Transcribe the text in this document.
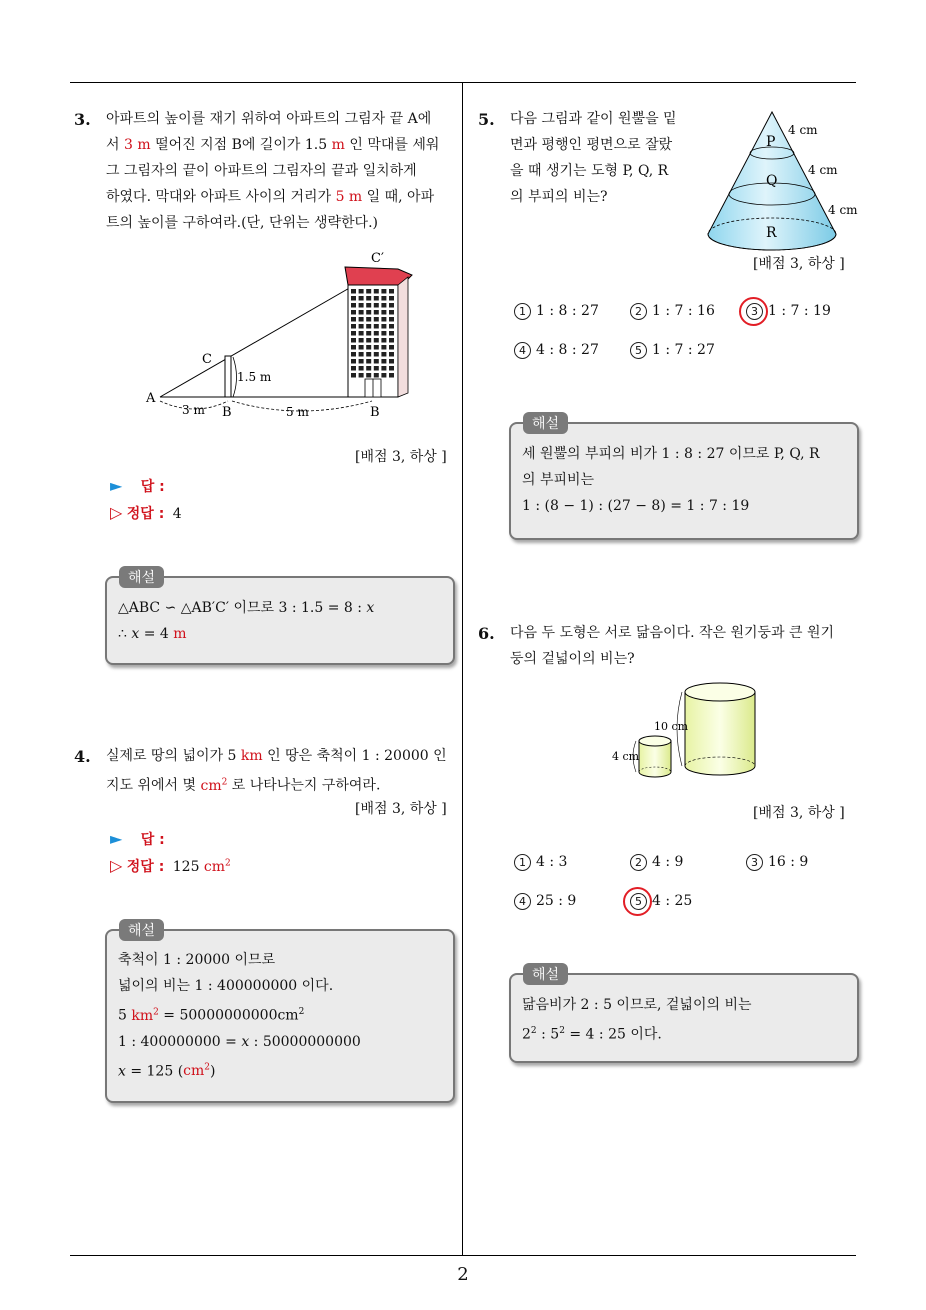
2
3. 아파트의 높이를 재기 위하여 아파트의 그림자 끝 A에
서 3 m 떨어진 지점 B에 길이가 1.5 m 인 막대를 세워
그 그림자의 끝이 아파트의 그림자의 끝과 일치하게
하였다. 막대와 아파트 사이의 거리가 5 m 일 때, 아파
트의 높이를 구하여라.(단, 단위는 생략한다.)
A
B	B
C
C′
3 m	5 m
1.5 m
[배점 3, 하상 ]
► 답 :
▷ 정답 : 4
해설
△ABC ∽ △AB′C′ 이므로 3 : 1.5 = 8 : 𝑥
∴ 𝑥 = 4 m
4. 실제로 땅의 넓이가 5 km 인 땅은 축척이 1 : 20000 인
지도 위에서 몇 $cm^2$ 로 나타나는지 구하여라.
[배점 3, 하상 ]
► 답 :
▷ 정답 : 125 $cm^2$
해설
축척이 1 : 20000 이므로
넓이의 비는 1 : 400000000 이다.
5 $km^2 = 50000000000cm^2$
1 : 400000000 = 𝑥 : 50000000000
𝑥 = 125 $(cm^2)$
5. 다음 그림과 같이 원뿔을 밑
면과 평행인 평면으로 잘랐
을 때 생기는 도형 P, Q, R
의 부피의 비는?
P
Q
R
4 cm
4 cm
4 cm
[배점 3, 하상 ]
1 1 : 8 : 27	2 1 : 7 : 16	3 1 : 7 : 19
4 4 : 8 : 27	5 1 : 7 : 27
해설
세 원뿔의 부피의 비가 1 : 8 : 27 이므로 P, Q, R
의 부피비는
1 : (8 − 1) : (27 − 8) = 1 : 7 : 19
6. 다음 두 도형은 서로 닮음이다. 작은 원기둥과 큰 원기
둥의 겉넓이의 비는?
4 cm
10 cm
[배점 3, 하상 ]
1 4 : 3	2 4 : 9	3 16 : 9
4 25 : 9	5 4 : 25
해설
닮음비가 2 : 5 이므로, 겉넓이의 비는
$2^2$ : $5^2 = 4$ : 25 이다.
